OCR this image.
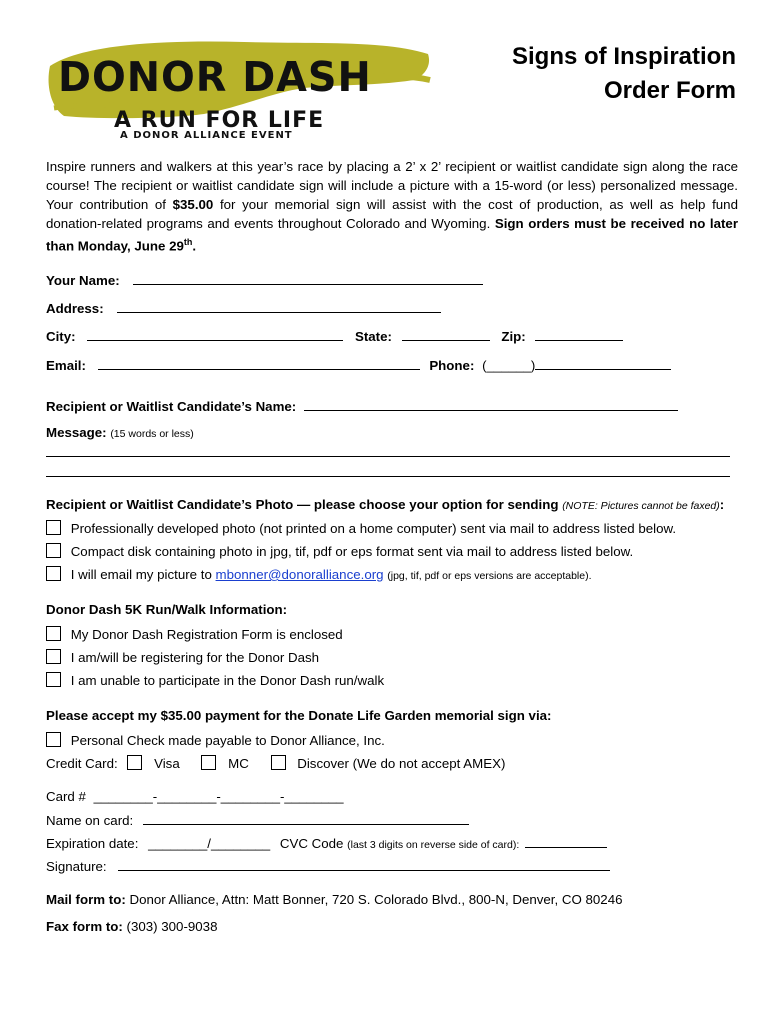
DONOR DASH
A RUN FOR LIFE
A DONOR ALLIANCE EVENT
Signs of Inspiration
Order Form
Inspire runners and walkers at this year’s race by placing a 2’ x 2’ recipient or waitlist candidate sign along the race course! The recipient or waitlist candidate sign will include a picture with a 15-word (or less) personalized message. Your contribution of $35.00 for your memorial sign will assist with the cost of production, as well as help fund donation-related programs and events throughout Colorado and Wyoming. Sign orders must be received no later than Monday, June 29th.
Your Name:
Address:
City:	State:	Zip:
Email:	Phone: (______)
Recipient or Waitlist Candidate’s Name:
Message: (15 words or less)
Recipient or Waitlist Candidate’s Photo — please choose your option for sending (NOTE: Pictures cannot be faxed):
Professionally developed photo (not printed on a home computer) sent via mail to address listed below.
Compact disk containing photo in jpg, tif, pdf or eps format sent via mail to address listed below.
I will email my picture to mbonner@donoralliance.org (jpg, tif, pdf or eps versions are acceptable).
Donor Dash 5K Run/Walk Information:
My Donor Dash Registration Form is enclosed
I am/will be registering for the Donor Dash
I am unable to participate in the Donor Dash run/walk
Please accept my $35.00 payment for the Donate Life Garden memorial sign via:
Personal Check made payable to Donor Alliance, Inc.
Credit Card:	Visa	MC	Discover (We do not accept AMEX)
Card # ________-________-________-________
Name on card:
Expiration date: ________/________ CVC Code (last 3 digits on reverse side of card):
Signature:
Mail form to: Donor Alliance, Attn: Matt Bonner, 720 S. Colorado Blvd., 800-N, Denver, CO 80246
Fax form to: (303) 300-9038
